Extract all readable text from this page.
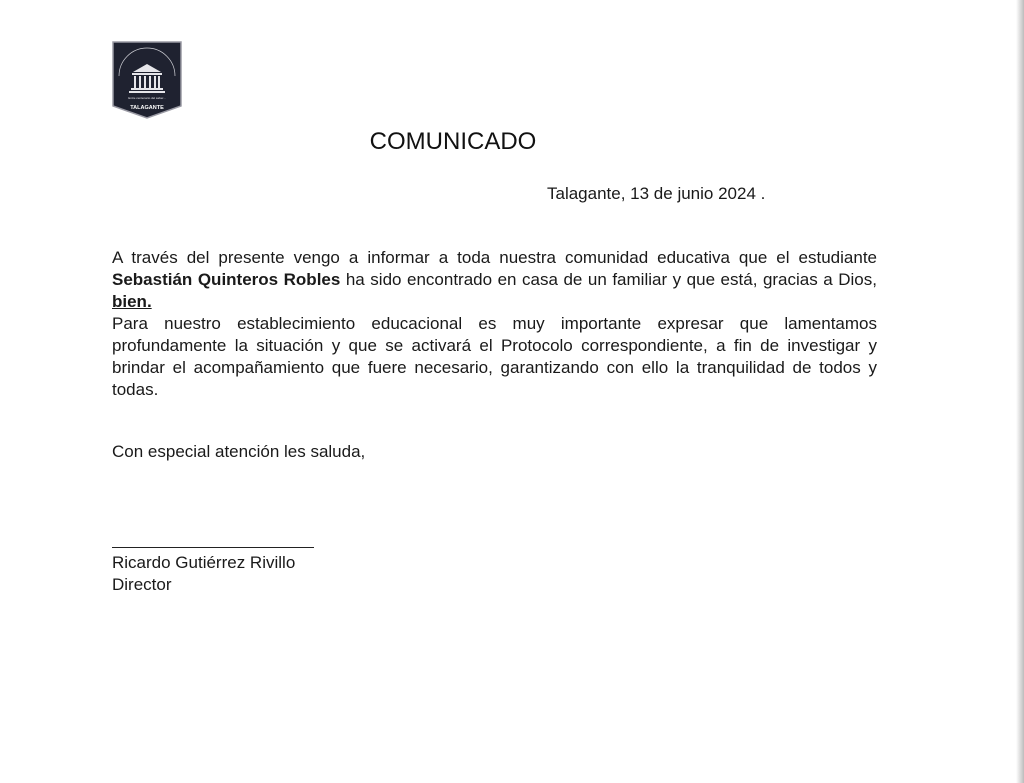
Entre centenario del saber...
TALAGANTE
COMUNICADO
Talagante, 13 de junio 2024 .

A través del presente vengo a informar a toda nuestra comunidad educativa que el estudiante Sebastián Quinteros Robles ha sido encontrado en casa de un familiar y que está, gracias a Dios, bien.

Para nuestro establecimiento educacional es muy importante expresar que lamentamos profundamente la situación y que se activará el Protocolo correspondiente, a fin de investigar y brindar el acompañamiento que fuere necesario, garantizando con ello la tranquilidad de todos y todas.

Con especial atención les saluda,
Ricardo Gutiérrez Rivillo
Director
